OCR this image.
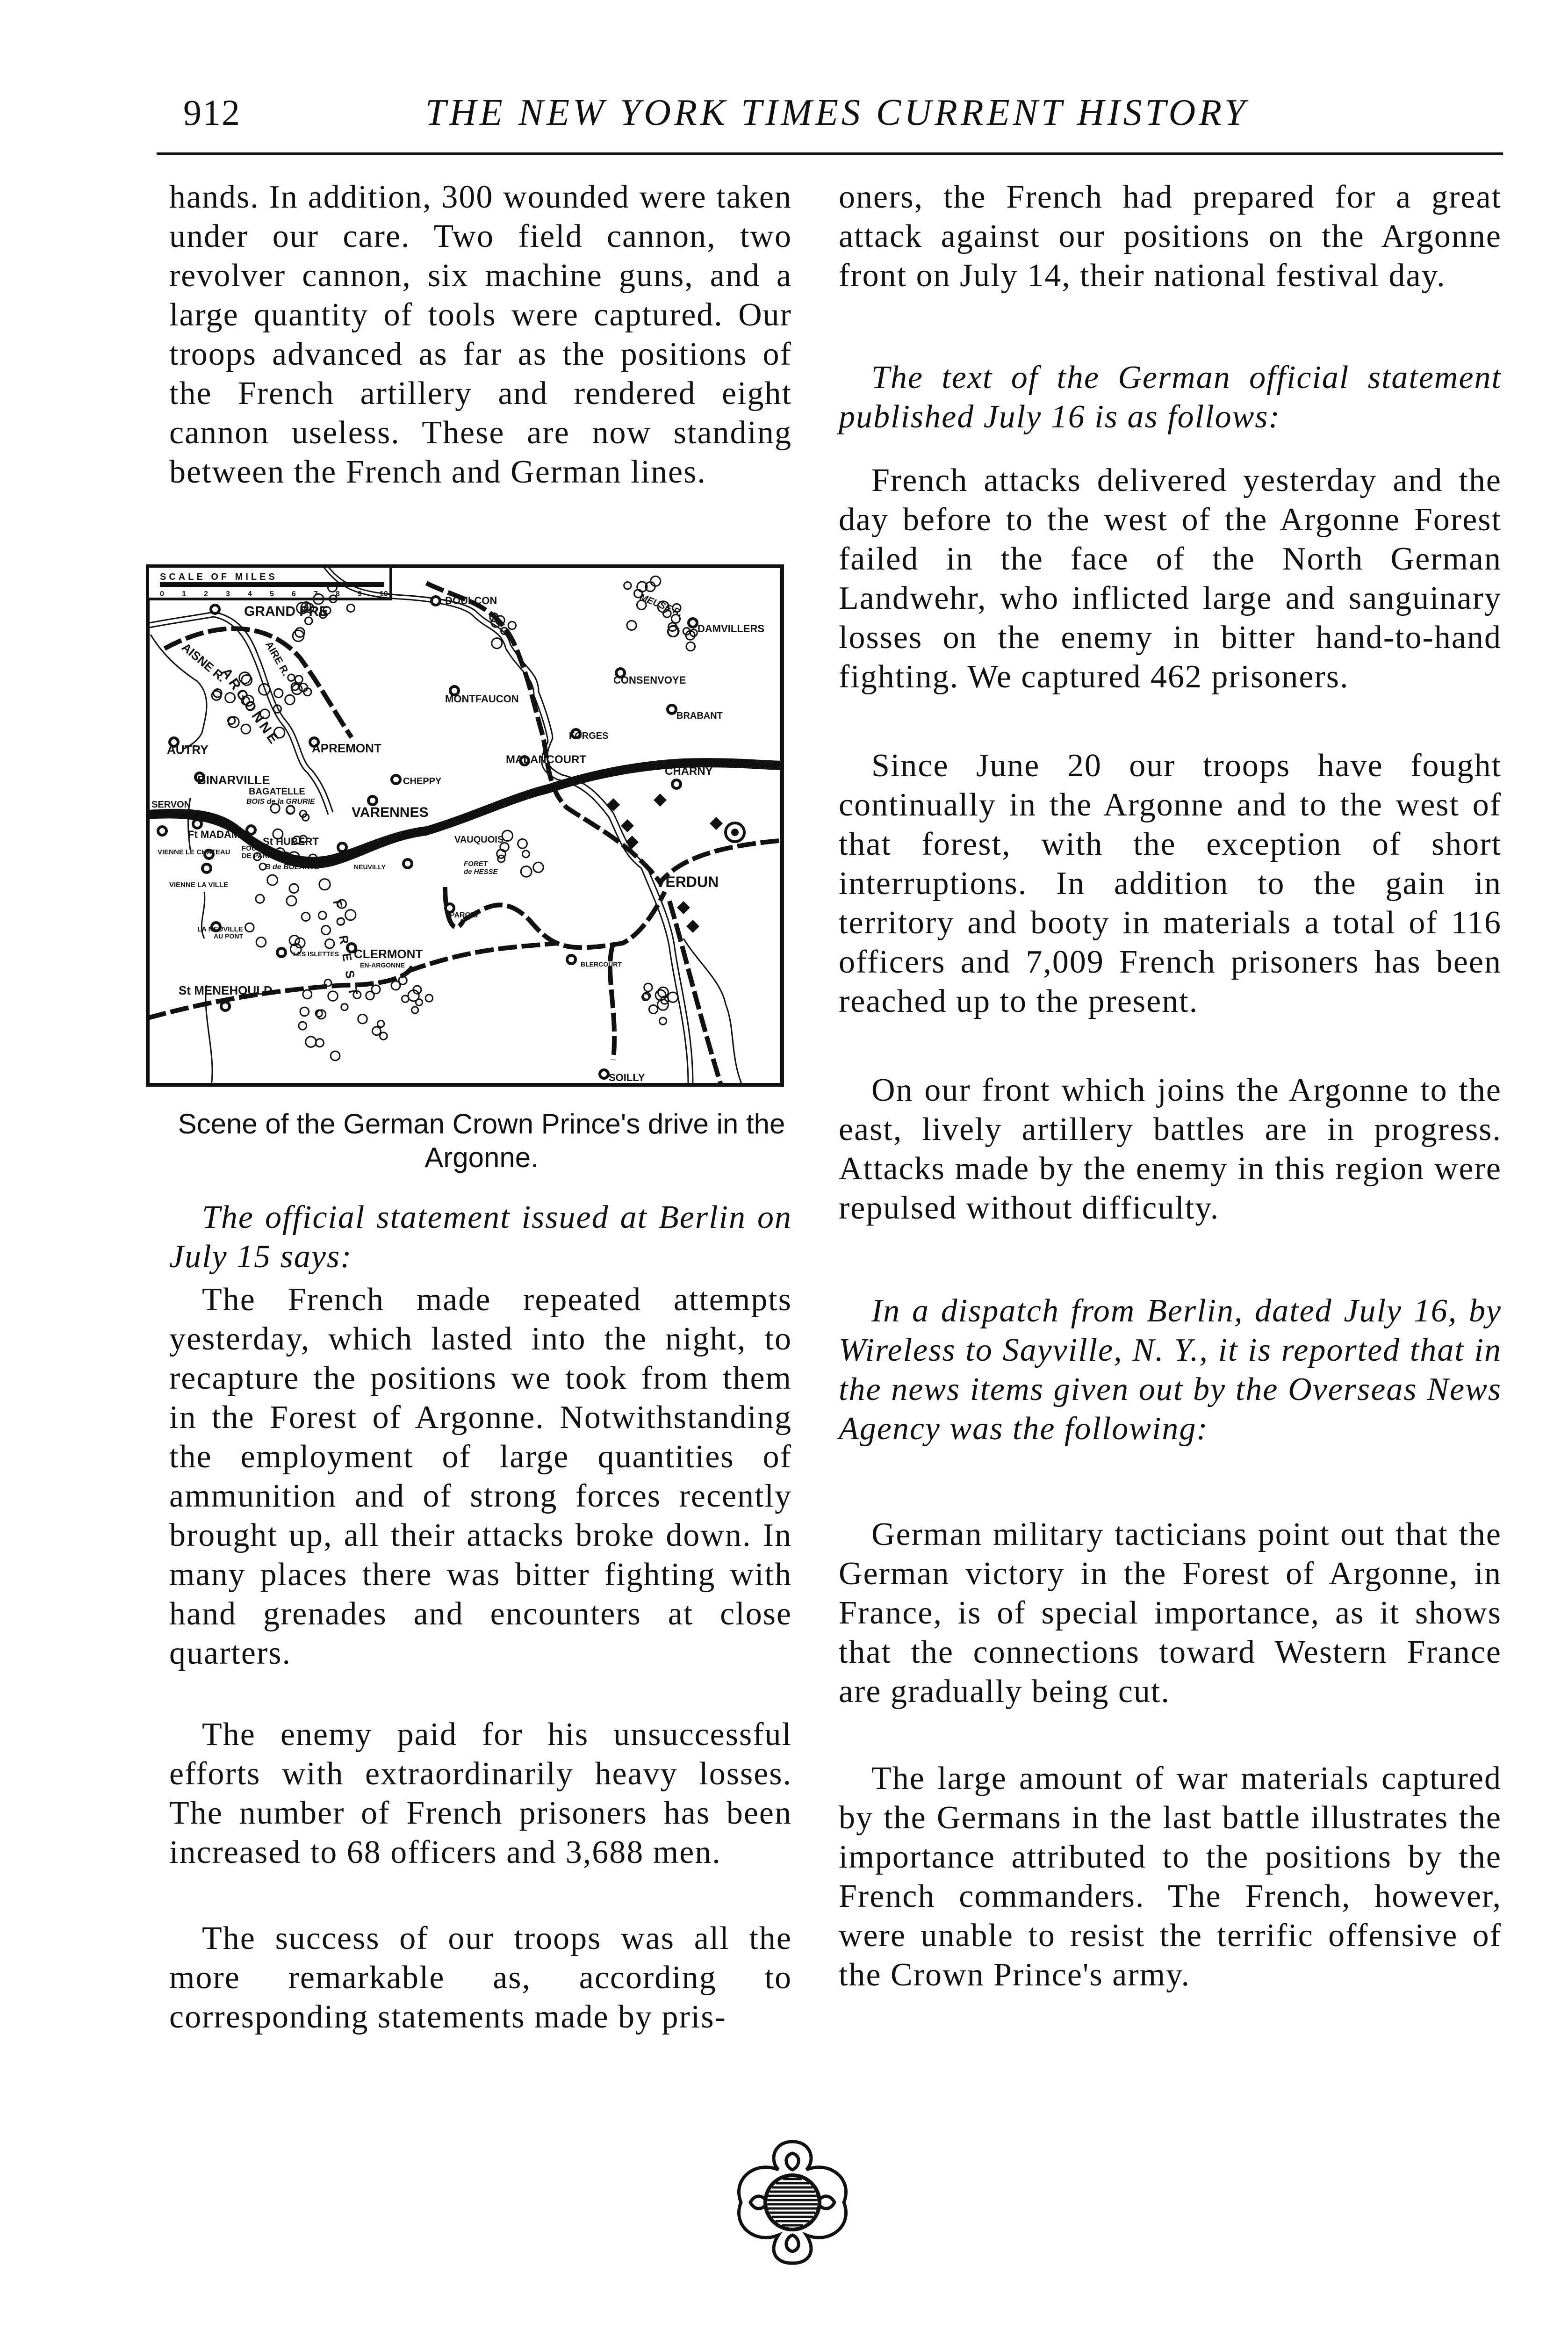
912	THE NEW YORK TIMES CURRENT HISTORY

hands. In addition, 300 wounded were taken under our care. Two field cannon, two revolver cannon, six machine guns, and a large quantity of tools were captured. Our troops advanced as far as the positions of the French artillery and rendered eight cannon useless. These are now standing between the French and German lines.

SCALE OF MILES
0 1 2 3 4 5 6 7 8 9 10
GRAND PRE
DOULCON
DAMVILLERS
MONTFAUCON
CONSENVOYE
BRABANT
FORGES
AUTRY	APREMONT
MALANCOURT
CHARNY
BINARVILLE	CHEPPY
BAGATELLE
BOIS de la GRURIE
SERVON	VARENNES
Ft MADAME
St HUBERT	VAUQUOIS
VIENNE LE CHATEAU FOUR
DE PARIS
B de BOLANTE	NEUVILLY	FORET
de HESSE
VERDUN
VIENNE LA VILLE
PAROIS
LA NEUVILLE
AU PONT
LES ISLETTES CLERMONT
EN-ARGONNE	BLERCOURT
St MENEHOULD
SOILLY
MEUSE R.
AISNE R.	AIRE R.
ARGONNE
FOREST
Scene of the German Crown Prince's drive in the Argonne.

The official statement issued at Berlin on July 15 says:

The French made repeated attempts yesterday, which lasted into the night, to recapture the positions we took from them in the Forest of Argonne. Notwithstanding the employment of large quantities of ammunition and of strong forces recently brought up, all their attacks broke down. In many places there was bitter fighting with hand grenades and encounters at close quarters.

The enemy paid for his unsuccessful efforts with extraordinarily heavy losses. The number of French prisoners has been increased to 68 officers and 3,688 men.

The success of our troops was all the more remarkable as, according to corresponding statements made by pris-

oners, the French had prepared for a great attack against our positions on the Argonne front on July 14, their national festival day.

The text of the German official statement published July 16 is as follows:

French attacks delivered yesterday and the day before to the west of the Argonne Forest failed in the face of the North German Landwehr, who inflicted large and sanguinary losses on the enemy in bitter hand-to-hand fighting. We captured 462 prisoners.

Since June 20 our troops have fought continually in the Argonne and to the west of that forest, with the exception of short interruptions. In addition to the gain in territory and booty in materials a total of 116 officers and 7,009 French prisoners has been reached up to the present.

On our front which joins the Argonne to the east, lively artillery battles are in progress. Attacks made by the enemy in this region were repulsed without difficulty.

In a dispatch from Berlin, dated July 16, by Wireless to Sayville, N. Y., it is reported that in the news items given out by the Overseas News Agency was the following:

German military tacticians point out that the German victory in the Forest of Argonne, in France, is of special importance, as it shows that the connections toward Western France are gradually being cut.

The large amount of war materials captured by the Germans in the last battle illustrates the importance attributed to the positions by the French commanders. The French, however, were unable to resist the terrific offensive of the Crown Prince's army.
